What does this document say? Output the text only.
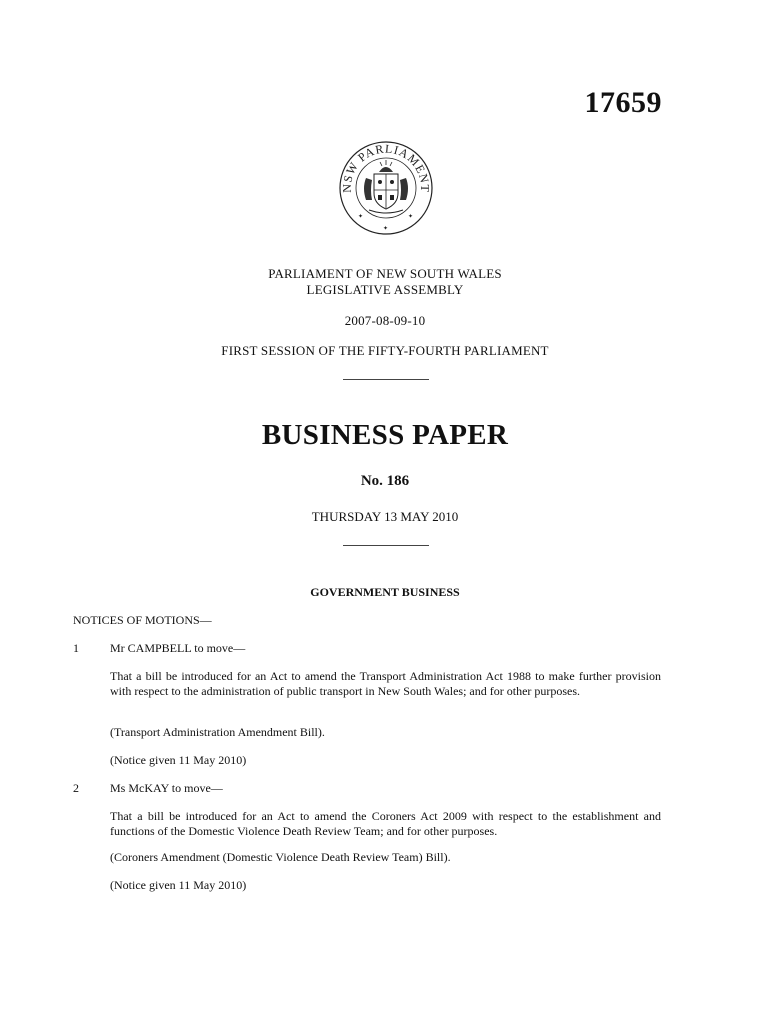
17659
NSW PARLIAMENT
✦	✦
✦
PARLIAMENT OF NEW SOUTH WALES
LEGISLATIVE ASSEMBLY
2007-08-09-10
FIRST SESSION OF THE FIFTY-FOURTH PARLIAMENT
BUSINESS PAPER
No. 186
THURSDAY 13 MAY 2010
GOVERNMENT BUSINESS
NOTICES OF MOTIONS—
1	Mr CAMPBELL to move—
That a bill be introduced for an Act to amend the Transport Administration Act 1988 to make further provision with respect to the administration of public transport in New South Wales; and for other purposes.
(Transport Administration Amendment Bill).
(Notice given 11 May 2010)
2	Ms McKAY to move—
That a bill be introduced for an Act to amend the Coroners Act 2009 with respect to the establishment and functions of the Domestic Violence Death Review Team; and for other purposes.
(Coroners Amendment (Domestic Violence Death Review Team) Bill).
(Notice given 11 May 2010)
